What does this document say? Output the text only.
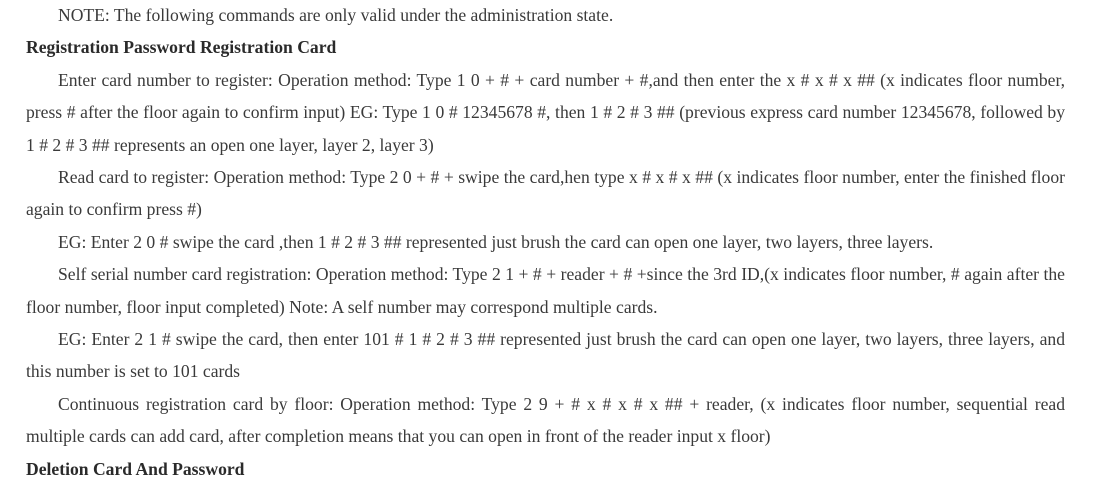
NOTE: The following commands are only valid under the administration state.

Registration Password Registration Card

Enter card number to register: Operation method: Type 1 0 + # + card number + #,and then enter the x # x # x ## (x indicates floor number, press # after the floor again to confirm input) EG: Type 1 0 # 12345678 #, then 1 # 2 # 3 ## (previous express card number 12345678, followed by 1 # 2 # 3 ## represents an open one layer, layer 2, layer 3)

Read card to register: Operation method: Type 2 0 + # + swipe the card,hen type x # x # x ## (x indicates floor number, enter the finished floor again to confirm press #)

EG: Enter 2 0 # swipe the card ,then 1 # 2 # 3 ## represented just brush the card can open one layer, two layers, three layers.

Self serial number card registration: Operation method: Type 2 1 + # + reader + # +since the 3rd ID,(x indicates floor number, # again after the floor number, floor input completed) Note: A self number may correspond multiple cards.

EG: Enter 2 1 # swipe the card, then enter 101 # 1 # 2 # 3 ## represented just brush the card can open one layer, two layers, three layers, and this number is set to 101 cards

Continuous registration card by floor: Operation method: Type 2 9 + # x # x # x ## + reader, (x indicates floor number, sequential read multiple cards can add card, after completion means that you can open in front of the reader input x floor)

Deletion Card And Password
